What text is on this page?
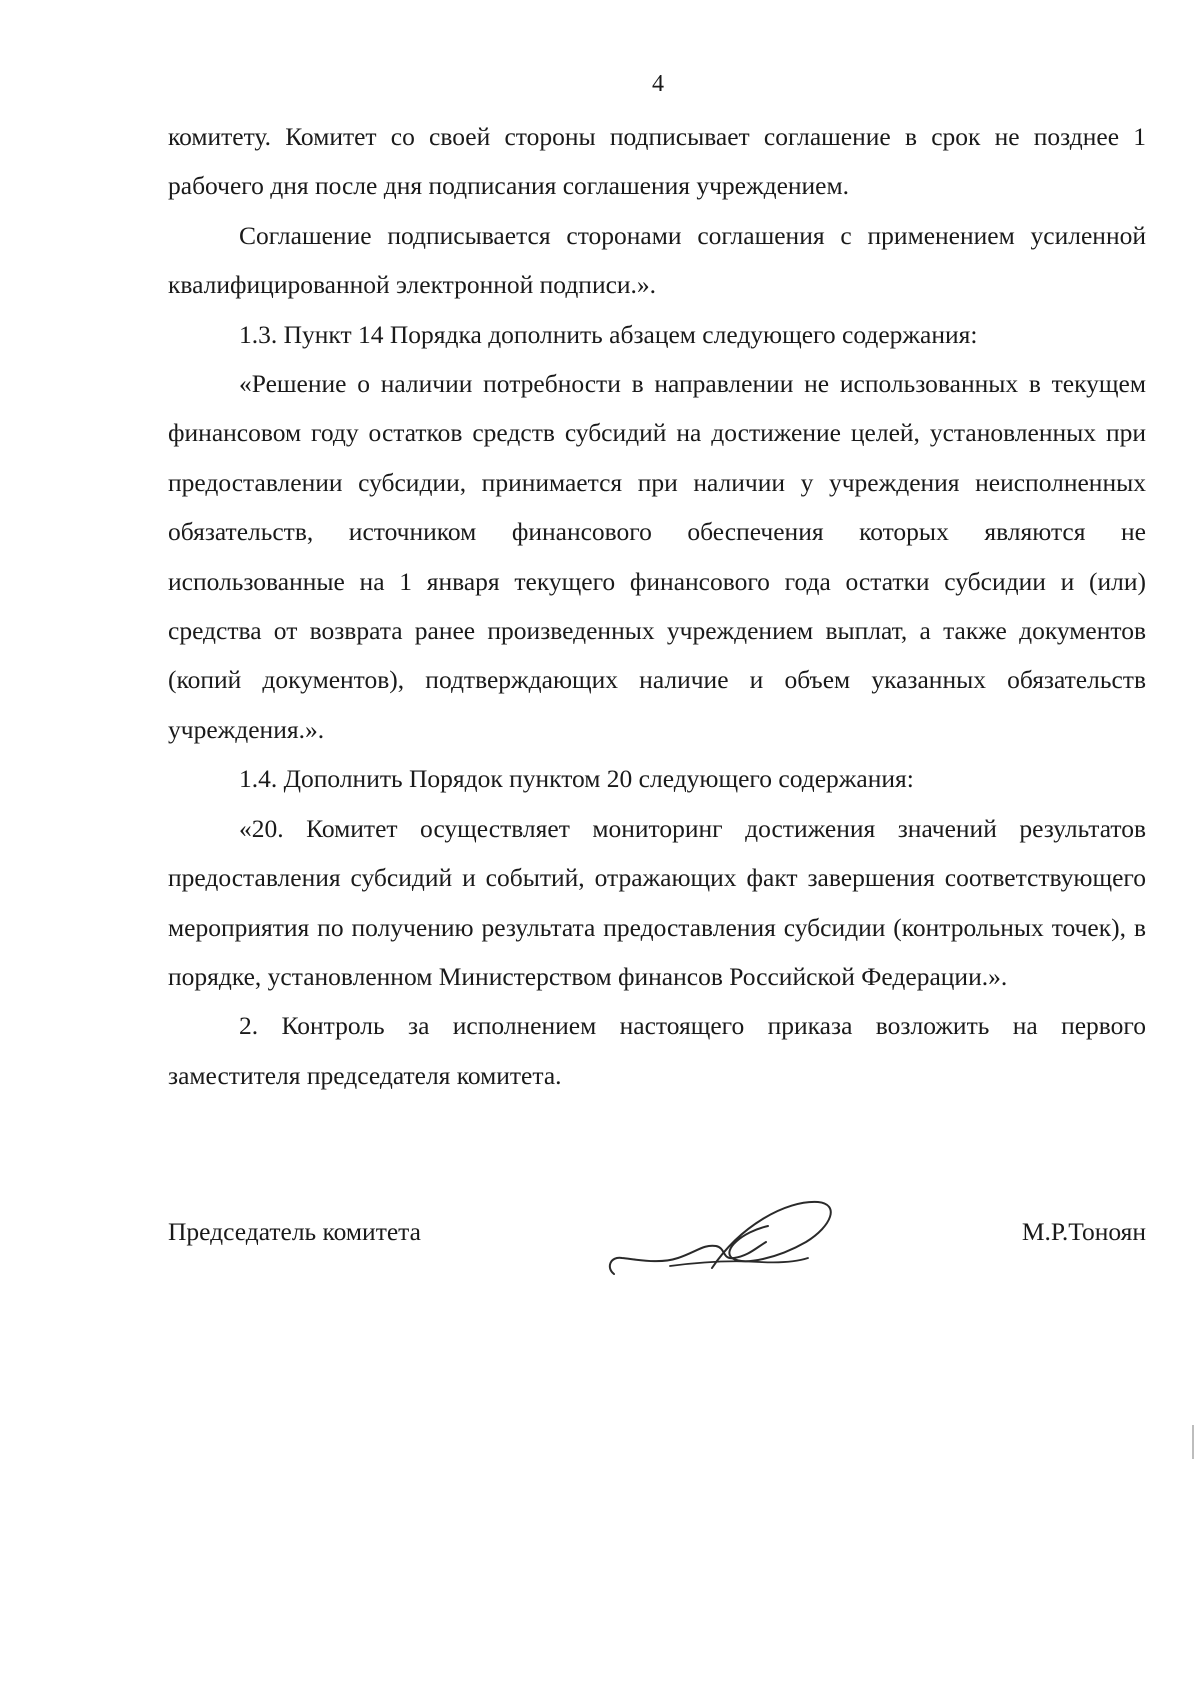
4

комитету. Комитет со своей стороны подписывает соглашение в срок не позднее 1 рабочего дня после дня подписания соглашения учреждением.

Соглашение подписывается сторонами соглашения с применением усиленной квалифицированной электронной подписи.».

1.3. Пункт 14 Порядка дополнить абзацем следующего содержания:

«Решение о наличии потребности в направлении не использованных в текущем финансовом году остатков средств субсидий на достижение целей, установленных при предоставлении субсидии, принимается при наличии у учреждения неисполненных обязательств, источником финансового обеспечения которых являются не использованные на 1 января текущего финансового года остатки субсидии и (или) средства от возврата ранее произведенных учреждением выплат, а также документов (копий документов), подтверждающих наличие и объем указанных обязательств учреждения.».

1.4. Дополнить Порядок пунктом 20 следующего содержания:

«20. Комитет осуществляет мониторинг достижения значений результатов предоставления субсидий и событий, отражающих факт завершения соответствующего мероприятия по получению результата предоставления субсидии (контрольных точек), в порядке, установленном Министерством финансов Российской Федерации.».

2. Контроль за исполнением настоящего приказа возложить на первого заместителя председателя комитета.

Председатель комитета	М.Р.Тоноян
